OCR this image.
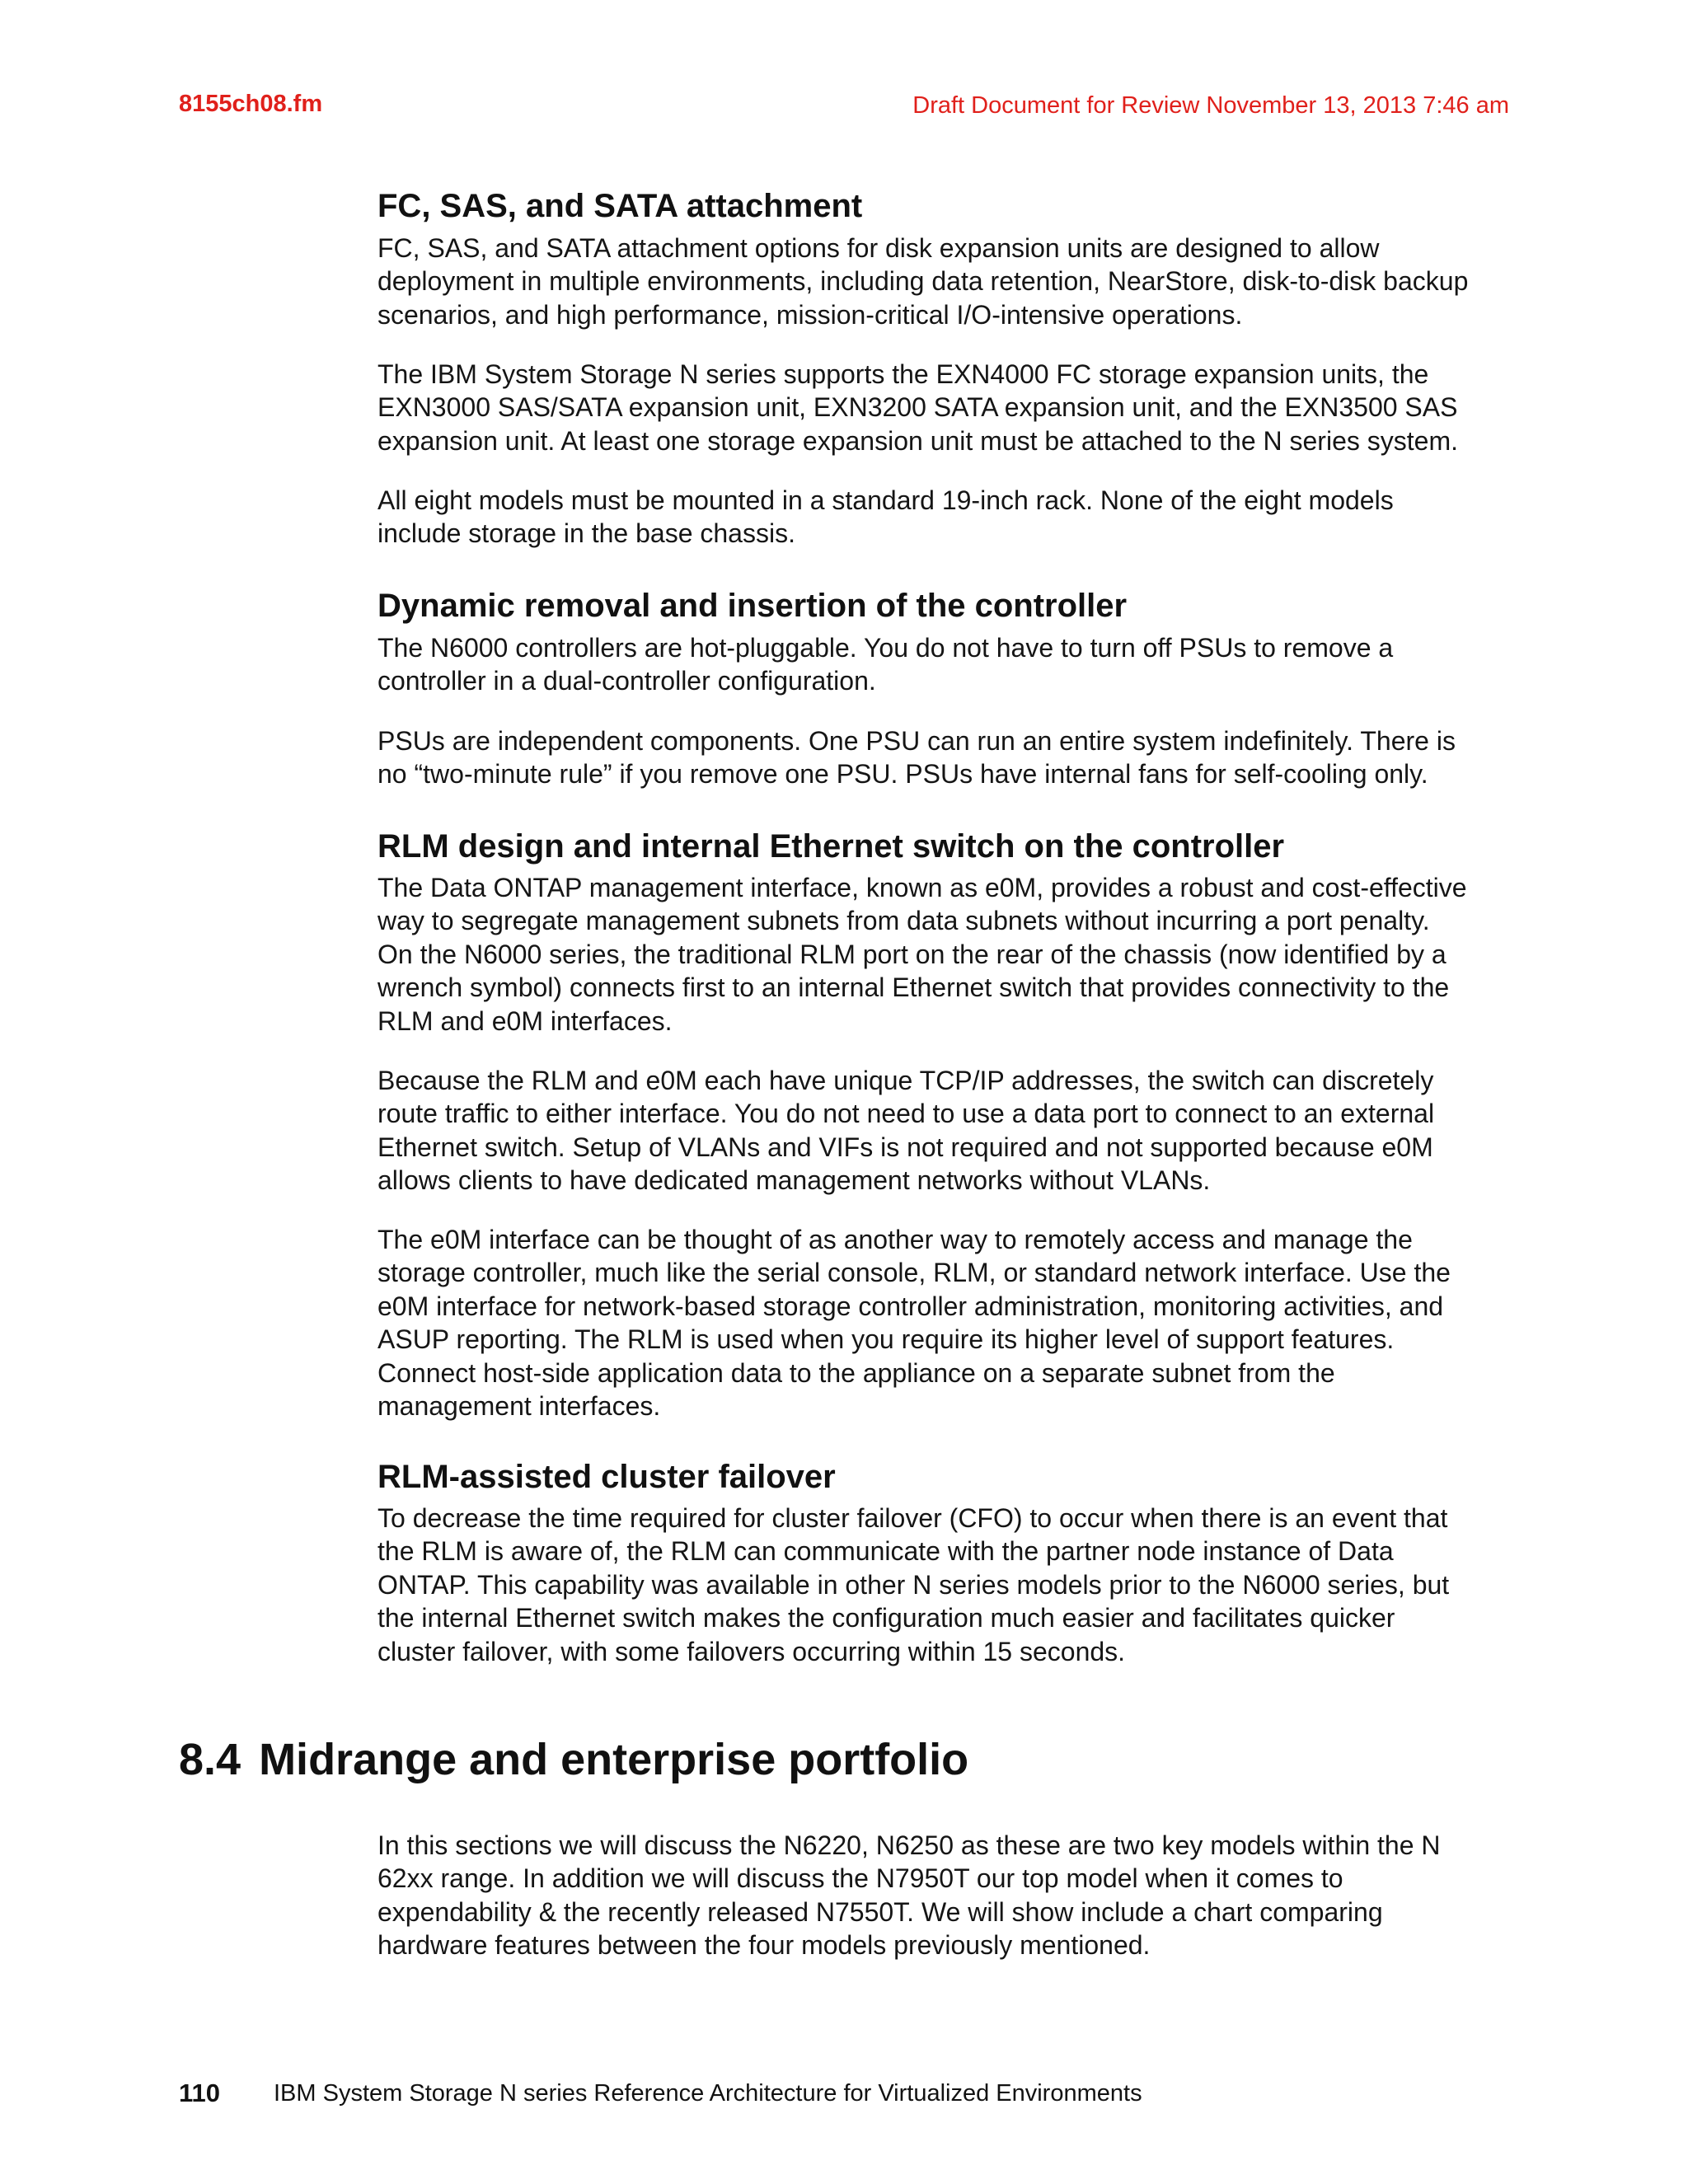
8155ch08.fm	Draft Document for Review November 13, 2013 7:46 am
FC, SAS, and SATA attachment
FC, SAS, and SATA attachment options for disk expansion units are designed to allow
deployment in multiple environments, including data retention, NearStore, disk-to-disk backup
scenarios, and high performance, mission-critical I/O-intensive operations.
The IBM System Storage N series supports the EXN4000 FC storage expansion units, the
EXN3000 SAS/SATA expansion unit, EXN3200 SATA expansion unit, and the EXN3500 SAS
expansion unit. At least one storage expansion unit must be attached to the N series system.
All eight models must be mounted in a standard 19-inch rack. None of the eight models
include storage in the base chassis.
Dynamic removal and insertion of the controller
The N6000 controllers are hot-pluggable. You do not have to turn off PSUs to remove a
controller in a dual-controller configuration.
PSUs are independent components. One PSU can run an entire system indefinitely. There is
no “two-minute rule” if you remove one PSU. PSUs have internal fans for self-cooling only.
RLM design and internal Ethernet switch on the controller
The Data ONTAP management interface, known as e0M, provides a robust and cost-effective
way to segregate management subnets from data subnets without incurring a port penalty.
On the N6000 series, the traditional RLM port on the rear of the chassis (now identified by a
wrench symbol) connects first to an internal Ethernet switch that provides connectivity to the
RLM and e0M interfaces.
Because the RLM and e0M each have unique TCP/IP addresses, the switch can discretely
route traffic to either interface. You do not need to use a data port to connect to an external
Ethernet switch. Setup of VLANs and VIFs is not required and not supported because e0M
allows clients to have dedicated management networks without VLANs.
The e0M interface can be thought of as another way to remotely access and manage the
storage controller, much like the serial console, RLM, or standard network interface. Use the
e0M interface for network-based storage controller administration, monitoring activities, and
ASUP reporting. The RLM is used when you require its higher level of support features.
Connect host-side application data to the appliance on a separate subnet from the
management interfaces.
RLM-assisted cluster failover
To decrease the time required for cluster failover (CFO) to occur when there is an event that
the RLM is aware of, the RLM can communicate with the partner node instance of Data
ONTAP. This capability was available in other N series models prior to the N6000 series, but
the internal Ethernet switch makes the configuration much easier and facilitates quicker
cluster failover, with some failovers occurring within 15 seconds.
In this sections we will discuss the N6220, N6250 as these are two key models within the N
62xx range. In addition we will discuss the N7950T our top model when it comes to
expendability & the recently released N7550T. We will show include a chart comparing
hardware features between the four models previously mentioned.
8.4 Midrange and enterprise portfolio
110 IBM System Storage N series Reference Architecture for Virtualized Environments
